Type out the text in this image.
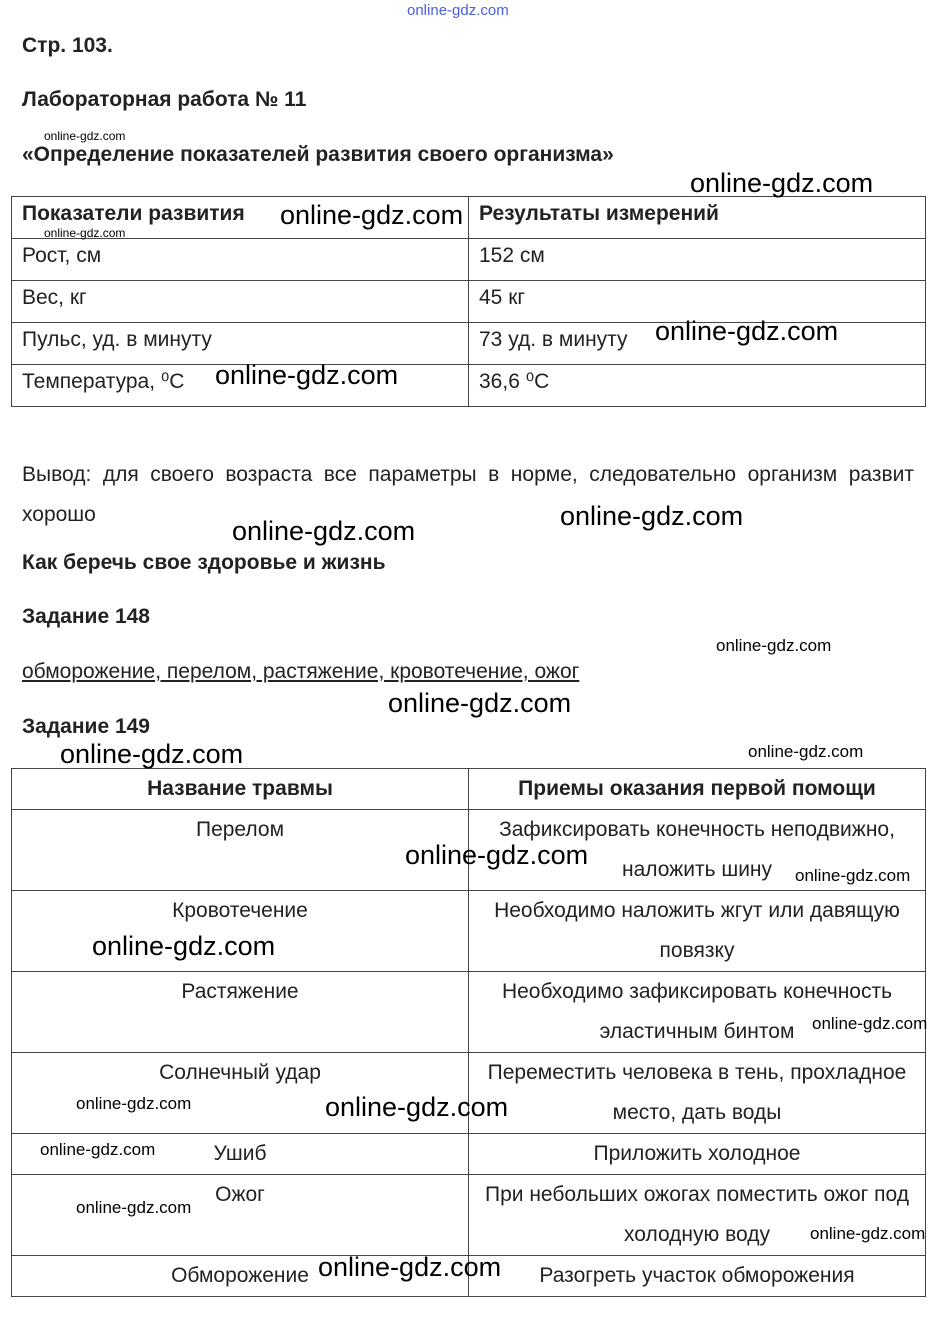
Стр. 103.
Лабораторная работа № 11
«Определение показателей развития своего организма»
Показатели развития	Результаты измерений
Рост, см	152 см
Вес, кг	45 кг
Пульс, уд. в минуту	73 уд. в минуту
Температура, ⁰С	36,6 ⁰С
Вывод: для своего возраста все параметры в норме, следовательно организм развит хорошо
Как беречь свое здоровье и жизнь
Задание 148
обморожение, перелом, растяжение, кровотечение, ожог
Задание 149
Название травмы	Приемы оказания первой помощи
Перелом	Зафиксировать конечность неподвижно, наложить шину
Кровотечение	Необходимо наложить жгут или давящую повязку
Растяжение	Необходимо зафиксировать конечность эластичным бинтом
Солнечный удар	Переместить человека в тень, прохладное место, дать воды
Ушиб	Приложить холодное
Ожог	При небольших ожогах поместить ожог под холодную воду
Обморожение	Разогреть участок обморожения
online-gdz.com
online-gdz.com
online-gdz.com
online-gdz.com
online-gdz.com
online-gdz.com
online-gdz.com
online-gdz.com
online-gdz.com
online-gdz.com
online-gdz.com
online-gdz.com	online-gdz.com
online-gdz.com
online-gdz.com
online-gdz.com
online-gdz.com
online-gdz.com	online-gdz.com
online-gdz.com
online-gdz.com
online-gdz.com
online-gdz.com
